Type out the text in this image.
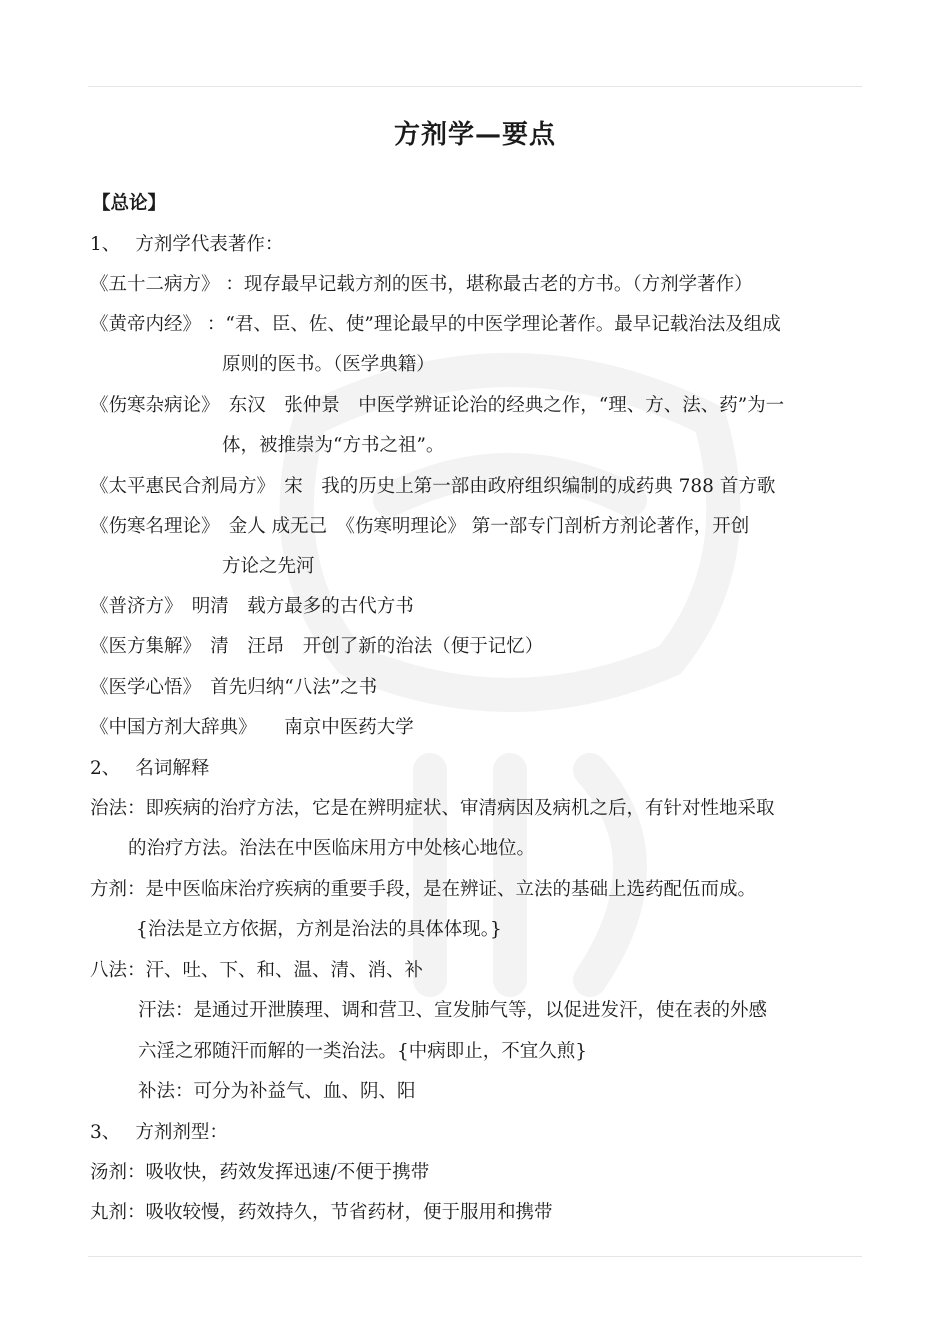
方剂学—要点
【总论】
1、　 方剂学代表著作：
《五十二病方》 ：现存最早记载方剂的医书，堪称最古老的方书。（方剂学著作）
《黄帝内经》 ：“君、臣、佐、使”理论最早的中医学理论著作。最早记载治法及组成
原则的医书。（医学典籍）
《伤寒杂病论》　东汉　张仲景　中医学辨证论治的经典之作，“理、方、法、药”为一
体，被推崇为“方书之祖”。
《太平惠民合剂局方》　宋　我的历史上第一部由政府组织编制的成药典 788 首方歌
《伤寒名理论》　金人 成无己　《伤寒明理论》 第一部专门剖析方剂论著作，开创
方论之先河
《普济方》　明清　载方最多的古代方书
《医方集解》　清　汪昂　开创了新的治法（便于记忆）
《医学心悟》　首先归纳“八法”之书
《中国方剂大辞典》　　南京中医药大学
2、　 名词解释
治法：即疾病的治疗方法，它是在辨明症状、审清病因及病机之后，有针对性地采取
的治疗方法。治法在中医临床用方中处核心地位。
方剂：是中医临床治疗疾病的重要手段，是在辨证、立法的基础上选药配伍而成。
{治法是立方依据，方剂是治法的具体体现。}
八法：汗、吐、下、和、温、清、消、补
汗法：是通过开泄腠理、调和营卫、宣发肺气等，以促进发汗，使在表的外感
六淫之邪随汗而解的一类治法。{中病即止，不宜久煎}
补法：可分为补益气、血、阴、阳
3、　 方剂剂型：
汤剂：吸收快，药效发挥迅速/不便于携带
丸剂：吸收较慢，药效持久，节省药材，便于服用和携带
